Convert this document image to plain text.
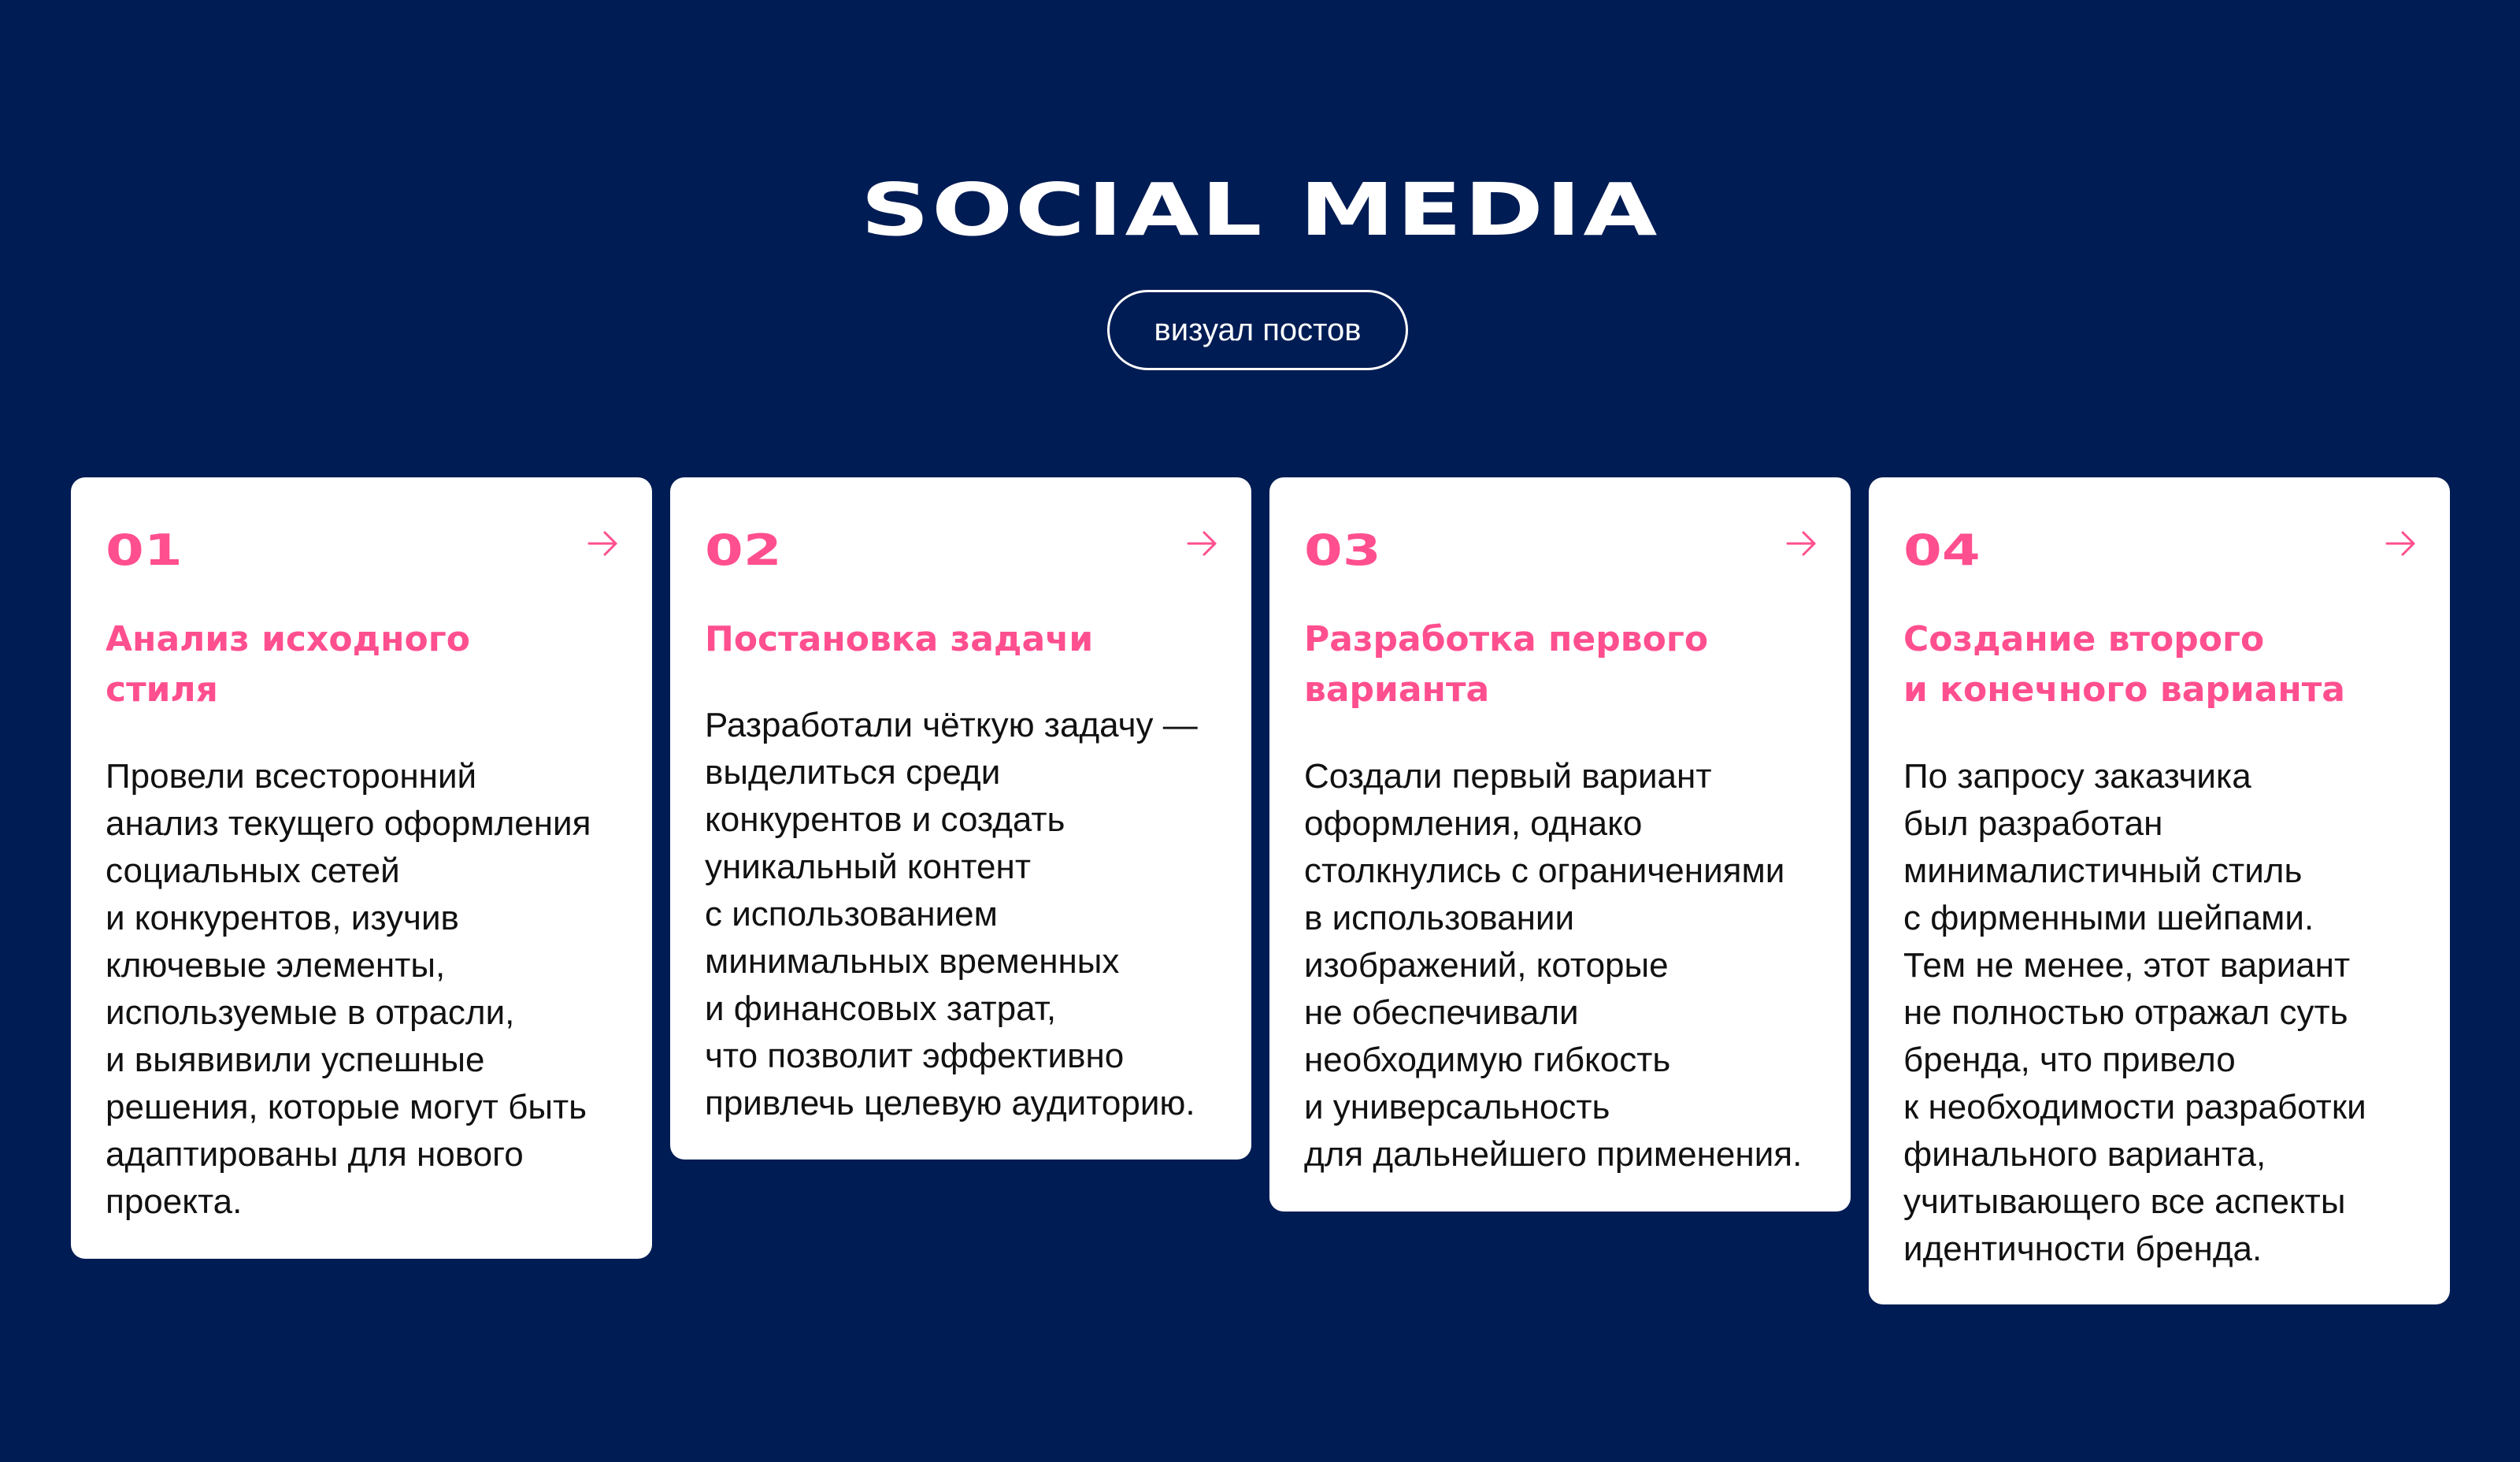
SOCIAL MEDIA
визуал постов
01
Анализ исходного
стиля
Провели всесторонний
анализ текущего оформления
социальных сетей
и конкурентов, изучив
ключевые элементы,
используемые в отрасли,
и выявивили успешные
решения, которые могут быть
адаптированы для нового
проекта.
02
Постановка задачи
Разработали чёткую задачу —
выделиться среди
конкурентов и создать
уникальный контент
с использованием
минимальных временных
и финансовых затрат,
что позволит эффективно
привлечь целевую аудиторию.
03
Разработка первого
варианта
Создали первый вариант
оформления, однако
столкнулись с ограничениями
в использовании
изображений, которые
не обеспечивали
необходимую гибкость
и универсальность
для дальнейшего применения.
04
Создание второго
и конечного варианта
По запросу заказчика
был разработан
минималистичный стиль
с фирменными шейпами.
Тем не менее, этот вариант
не полностью отражал суть
бренда, что привело
к необходимости разработки
финального варианта,
учитывающего все аспекты
идентичности бренда.
